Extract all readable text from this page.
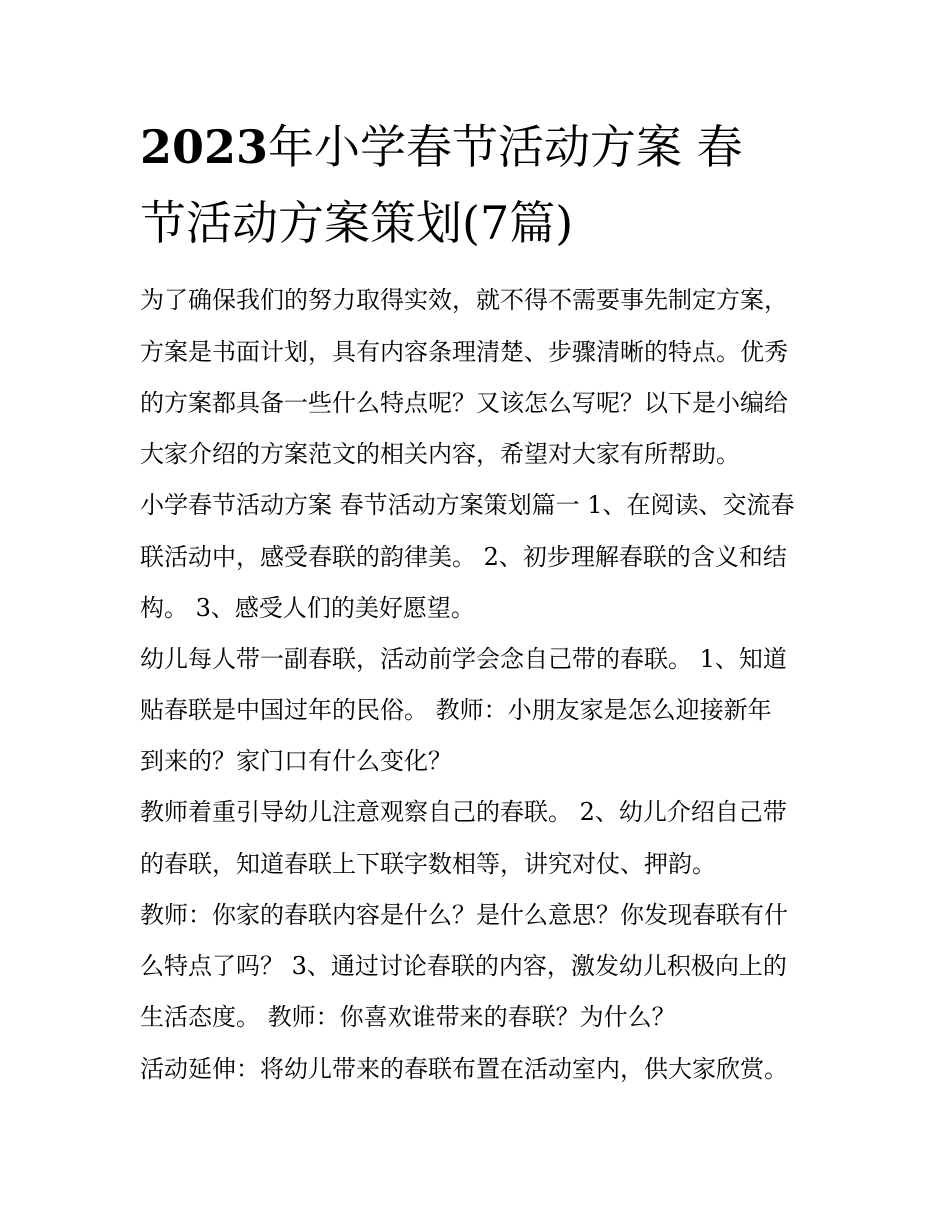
2023年小学春节活动方案 春
节活动方案策划(7篇)
为了确保我们的努力取得实效，就不得不需要事先制定方案，
方案是书面计划，具有内容条理清楚、步骤清晰的特点。优秀
的方案都具备一些什么特点呢？又该怎么写呢？以下是小编给
大家介绍的方案范文的相关内容，希望对大家有所帮助。
小学春节活动方案 春节活动方案策划篇一 1、在阅读、交流春
联活动中，感受春联的韵律美。 2、初步理解春联的含义和结
构。 3、感受人们的美好愿望。
幼儿每人带一副春联，活动前学会念自己带的春联。 1、知道
贴春联是中国过年的民俗。 教师：小朋友家是怎么迎接新年
到来的？家门口有什么变化？
教师着重引导幼儿注意观察自己的春联。 2、幼儿介绍自己带
的春联，知道春联上下联字数相等，讲究对仗、押韵。
教师：你家的春联内容是什么？是什么意思？你发现春联有什
么特点了吗？ 3、通过讨论春联的内容，激发幼儿积极向上的
生活态度。 教师：你喜欢谁带来的春联？为什么？
活动延伸：将幼儿带来的春联布置在活动室内，供大家欣赏。
